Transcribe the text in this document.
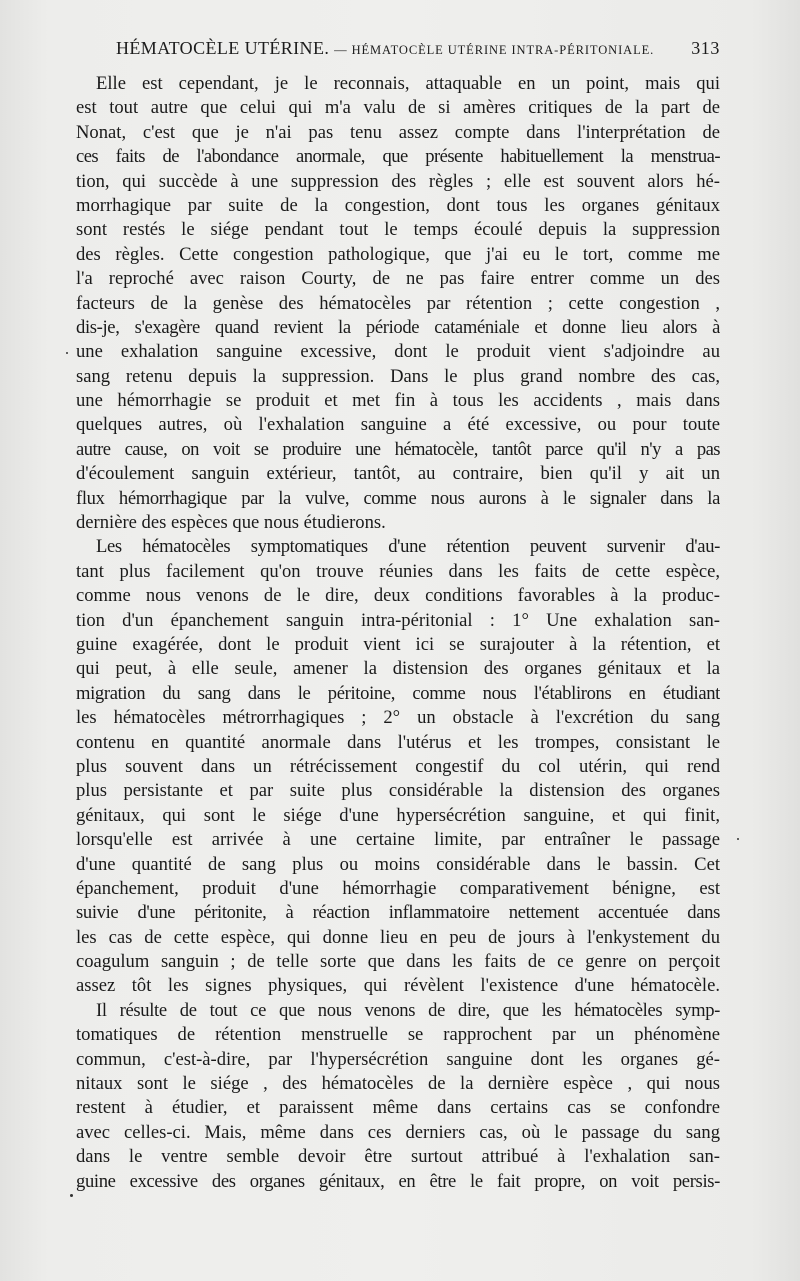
HÉMATOCÈLE UTÉRINE. — HÉMATOCÈLE UTÉRINE INTRA-PÉRITONIALE. 313
Elle est cependant, je le reconnais, attaquable en un point, mais qui
est tout autre que celui qui m'a valu de si amères critiques de la part de
Nonat, c'est que je n'ai pas tenu assez compte dans l'interprétation de
ces faits de l'abondance anormale, que présente habituellement la menstrua-
tion, qui succède à une suppression des règles ; elle est souvent alors hé-
morrhagique par suite de la congestion, dont tous les organes génitaux
sont restés le siége pendant tout le temps écoulé depuis la suppression
des règles. Cette congestion pathologique, que j'ai eu le tort, comme me
l'a reproché avec raison Courty, de ne pas faire entrer comme un des
facteurs de la genèse des hématocèles par rétention ; cette congestion ,
dis-je, s'exagère quand revient la période cataméniale et donne lieu alors à
une exhalation sanguine excessive, dont le produit vient s'adjoindre au
sang retenu depuis la suppression. Dans le plus grand nombre des cas,
une hémorrhagie se produit et met fin à tous les accidents , mais dans
quelques autres, où l'exhalation sanguine a été excessive, ou pour toute
autre cause, on voit se produire une hématocèle, tantôt parce qu'il n'y a pas
d'écoulement sanguin extérieur, tantôt, au contraire, bien qu'il y ait un
flux hémorrhagique par la vulve, comme nous aurons à le signaler dans la
dernière des espèces que nous étudierons.
Les hématocèles symptomatiques d'une rétention peuvent survenir d'au-
tant plus facilement qu'on trouve réunies dans les faits de cette espèce,
comme nous venons de le dire, deux conditions favorables à la produc-
tion d'un épanchement sanguin intra-péritonial : 1° Une exhalation san-
guine exagérée, dont le produit vient ici se surajouter à la rétention, et
qui peut, à elle seule, amener la distension des organes génitaux et la
migration du sang dans le péritoine, comme nous l'établirons en étudiant
les hématocèles métrorrhagiques ; 2° un obstacle à l'excrétion du sang
contenu en quantité anormale dans l'utérus et les trompes, consistant le
plus souvent dans un rétrécissement congestif du col utérin, qui rend
plus persistante et par suite plus considérable la distension des organes
génitaux, qui sont le siége d'une hypersécrétion sanguine, et qui finit,
lorsqu'elle est arrivée à une certaine limite, par entraîner le passage
d'une quantité de sang plus ou moins considérable dans le bassin. Cet
épanchement, produit d'une hémorrhagie comparativement bénigne, est
suivie d'une péritonite, à réaction inflammatoire nettement accentuée dans
les cas de cette espèce, qui donne lieu en peu de jours à l'enkystement du
coagulum sanguin ; de telle sorte que dans les faits de ce genre on perçoit
assez tôt les signes physiques, qui révèlent l'existence d'une hématocèle.
Il résulte de tout ce que nous venons de dire, que les hématocèles symp-
tomatiques de rétention menstruelle se rapprochent par un phénomène
commun, c'est-à-dire, par l'hypersécrétion sanguine dont les organes gé-
nitaux sont le siége , des hématocèles de la dernière espèce , qui nous
restent à étudier, et paraissent même dans certains cas se confondre
avec celles-ci. Mais, même dans ces derniers cas, où le passage du sang
dans le ventre semble devoir être surtout attribué à l'exhalation san-
guine excessive des organes génitaux, en être le fait propre, on voit persis-
